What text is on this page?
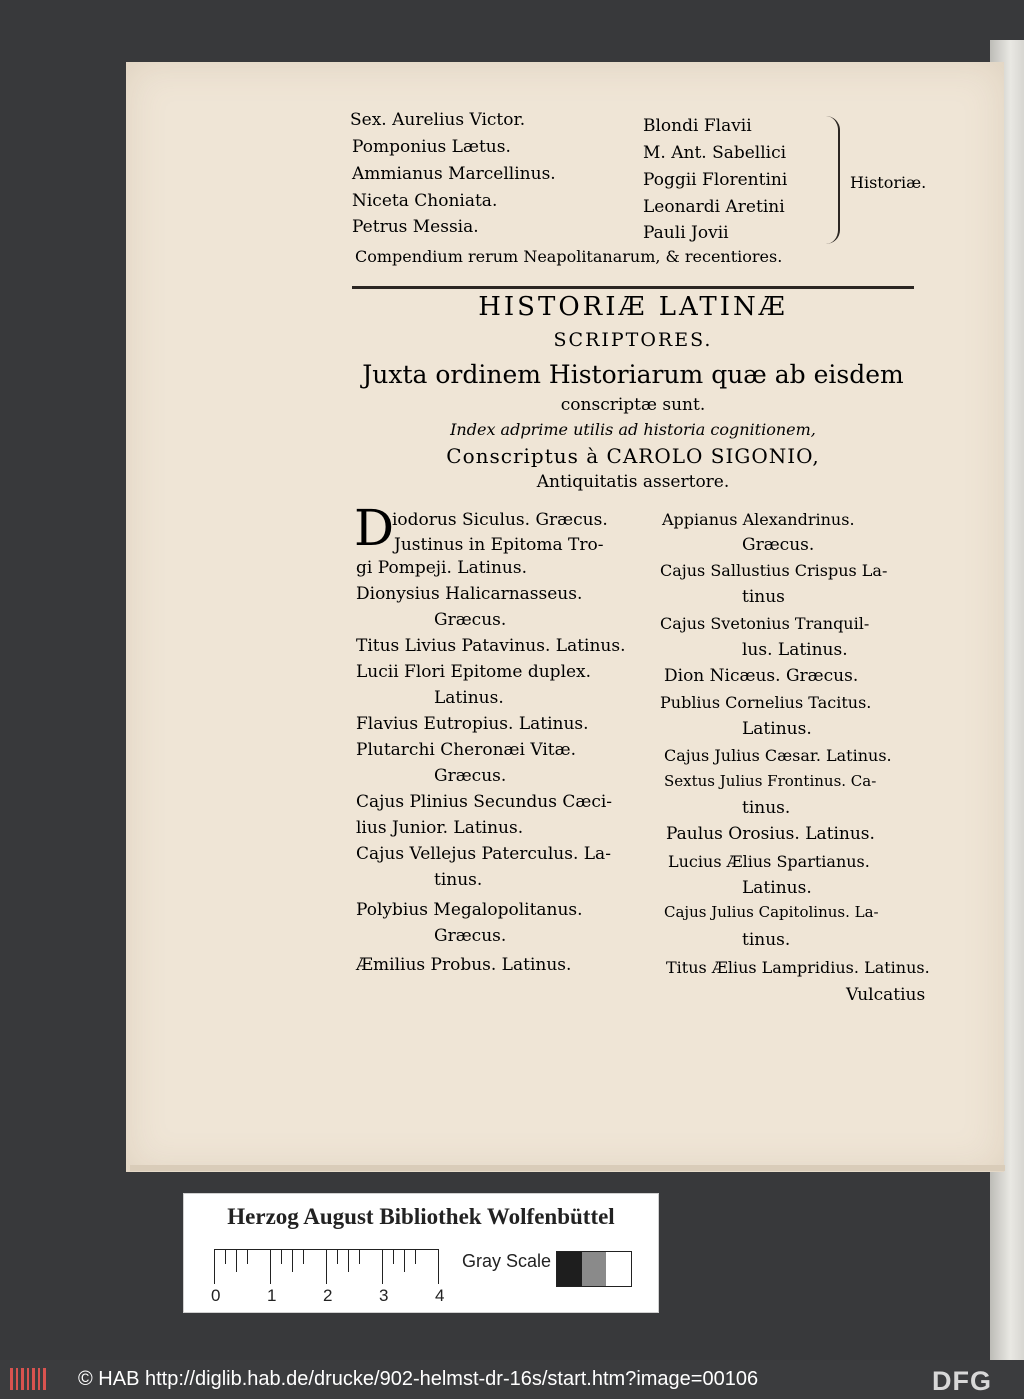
Sex. Aurelius Victor.
Pomponius Lætus.
Ammianus Marcellinus.
Niceta Choniata.
Petrus Messia.
Blondi Flavii
M. Ant. Sabellici
Poggii Florentini
Leonardi Aretini
Pauli Jovii
Historiæ.
Compendium rerum Neapolitanarum, & recentiores.
HISTORIÆ LATINÆ
SCRIPTORES.
Juxta ordinem Historiarum quæ ab eisdem
conscriptæ sunt.
Index adprime utilis ad historia cognitionem,
Conscriptus à CAROLO SIGONIO,
Antiquitatis assertore.
D
iodorus Siculus. Græcus.
Justinus in Epitoma Tro-
gi Pompeji. Latinus.
Dionysius Halicarnasseus.
Græcus.
Titus Livius Patavinus. Latinus.
Lucii Flori Epitome duplex.
Latinus.
Flavius Eutropius. Latinus.
Plutarchi Cheronæi Vitæ.
Græcus.
Cajus Plinius Secundus Cæci-
lius Junior. Latinus.
Cajus Vellejus Paterculus. La-
tinus.
Polybius Megalopolitanus.
Græcus.
Æmilius Probus. Latinus.
Appianus Alexandrinus.
Græcus.
Cajus Sallustius Crispus La-
tinus
Cajus Svetonius Tranquil-
lus. Latinus.
Dion Nicæus. Græcus.
Publius Cornelius Tacitus.
Latinus.
Cajus Julius Cæsar. Latinus.
Sextus Julius Frontinus. Ca-
tinus.
Paulus Orosius. Latinus.
Lucius Ælius Spartianus.
Latinus.
Cajus Julius Capitolinus. La-
tinus.
Titus Ælius Lampridius. Latinus.
Vulcatius
Herzog August Bibliothek Wolfenbüttel
0	1	2	3	4
Gray Scale
© HAB http://diglib.hab.de/drucke/902-helmst-dr-16s/start.htm?image=00106	DFG
